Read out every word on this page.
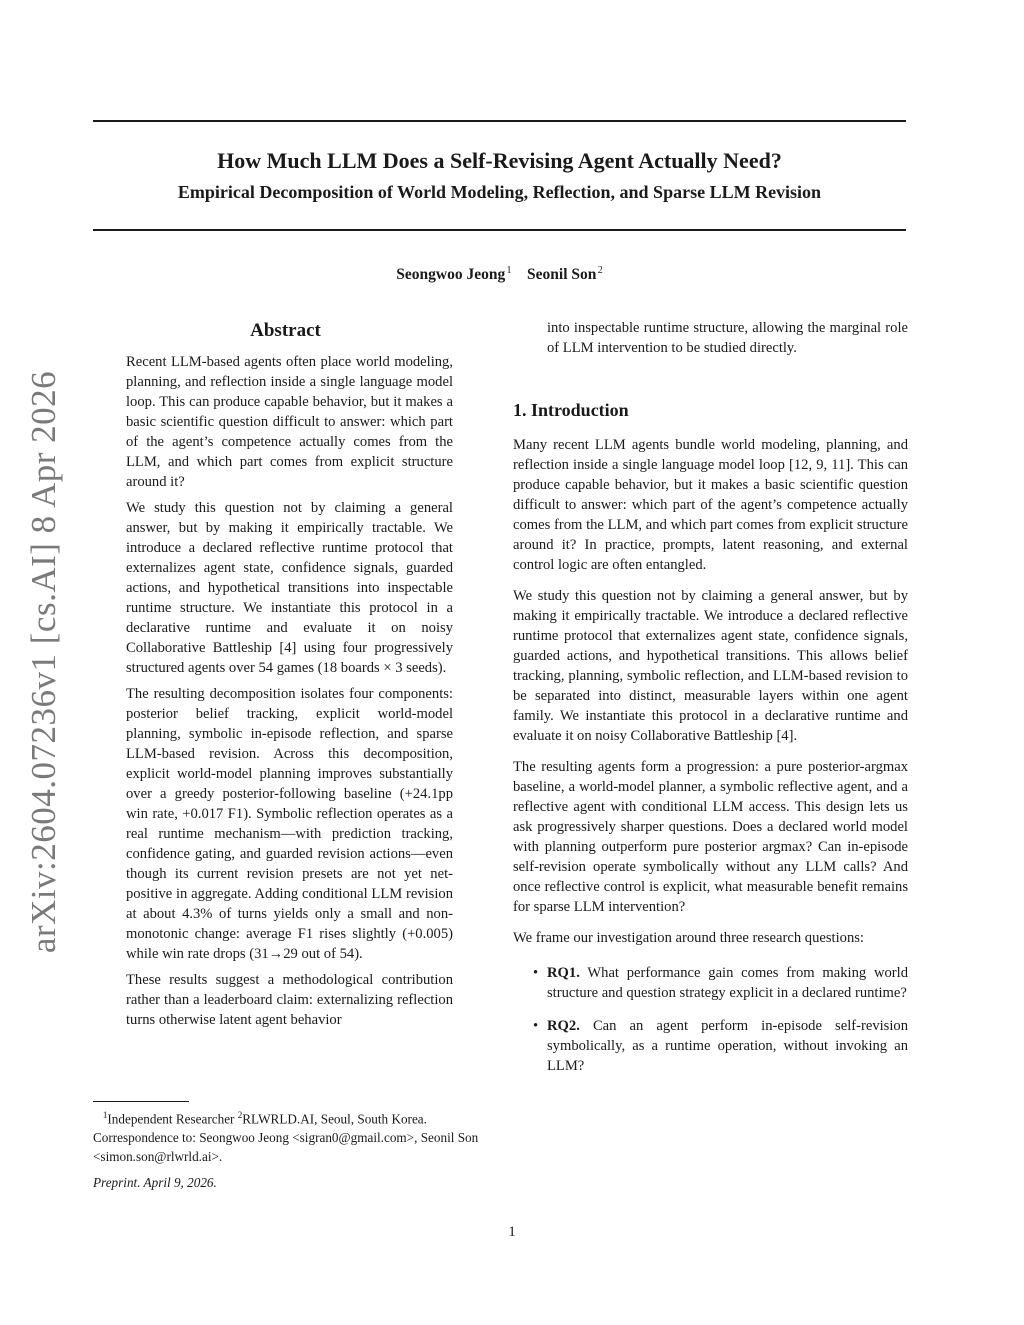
How Much LLM Does a Self-Revising Agent Actually Need?
Empirical Decomposition of World Modeling, Reflection, and Sparse LLM Revision
Seongwoo Jeong $^1$ Seonil Son $^2$
arXiv:2604.07236v1 [cs.AI] 8 Apr 2026
Abstract

Recent LLM-based agents often place world modeling, planning, and reflection inside a single language model loop. This can produce capable behavior, but it makes a basic scientific question difficult to answer: which part of the agent’s competence actually comes from the LLM, and which part comes from explicit structure around it?

We study this question not by claiming a general answer, but by making it empirically tractable. We introduce a declared reflective runtime protocol that externalizes agent state, confidence signals, guarded actions, and hypothetical transitions into inspectable runtime structure. We instantiate this protocol in a declarative runtime and evaluate it on noisy Collaborative Battleship [4] using four progressively structured agents over 54 games (18 boards × 3 seeds).

The resulting decomposition isolates four components: posterior belief tracking, explicit world-model planning, symbolic in-episode reflection, and sparse LLM-based revision. Across this decomposition, explicit world-model planning improves substantially over a greedy posterior-following baseline (+24.1pp win rate, +0.017 F1). Symbolic reflection operates as a real runtime mechanism—with prediction tracking, confidence gating, and guarded revision actions—even though its current revision presets are not yet net-positive in aggregate. Adding conditional LLM revision at about 4.3% of turns yields only a small and non-monotonic change: average F1 rises slightly (+0.005) while win rate drops (31→29 out of 54).

These results suggest a methodological contribution rather than a leaderboard claim: externalizing reflection turns otherwise latent agent behavior

into inspectable runtime structure, allowing the marginal role of LLM intervention to be studied directly.

1. Introduction

Many recent LLM agents bundle world modeling, planning, and reflection inside a single language model loop [12, 9, 11]. This can produce capable behavior, but it makes a basic scientific question difficult to answer: which part of the agent’s competence actually comes from the LLM, and which part comes from explicit structure around it? In practice, prompts, latent reasoning, and external control logic are often entangled.

We study this question not by claiming a general answer, but by making it empirically tractable. We introduce a declared reflective runtime protocol that externalizes agent state, confidence signals, guarded actions, and hypothetical transitions. This allows belief tracking, planning, symbolic reflection, and LLM-based revision to be separated into distinct, measurable layers within one agent family. We instantiate this protocol in a declarative runtime and evaluate it on noisy Collaborative Battleship [4].

The resulting agents form a progression: a pure posterior-argmax baseline, a world-model planner, a symbolic reflective agent, and a reflective agent with conditional LLM access. This design lets us ask progressively sharper questions. Does a declared world model with planning outperform pure posterior argmax? Can in-episode self-revision operate symbolically without any LLM calls? And once reflective control is explicit, what measurable benefit remains for sparse LLM intervention?

We frame our investigation around three research questions:

• RQ1. What performance gain comes from making world structure and question strategy explicit in a declared runtime?
• RQ2. Can an agent perform in-episode self-revision symbolically, as a runtime operation, without invoking an LLM?

$^1$Independent Researcher $^2$RLWRLD.AI, Seoul, South Korea.

Correspondence to: Seongwoo Jeong <sigran0@gmail.com>, Seonil Son <simon.son@rlwrld.ai>.

Preprint. April 9, 2026.
1
